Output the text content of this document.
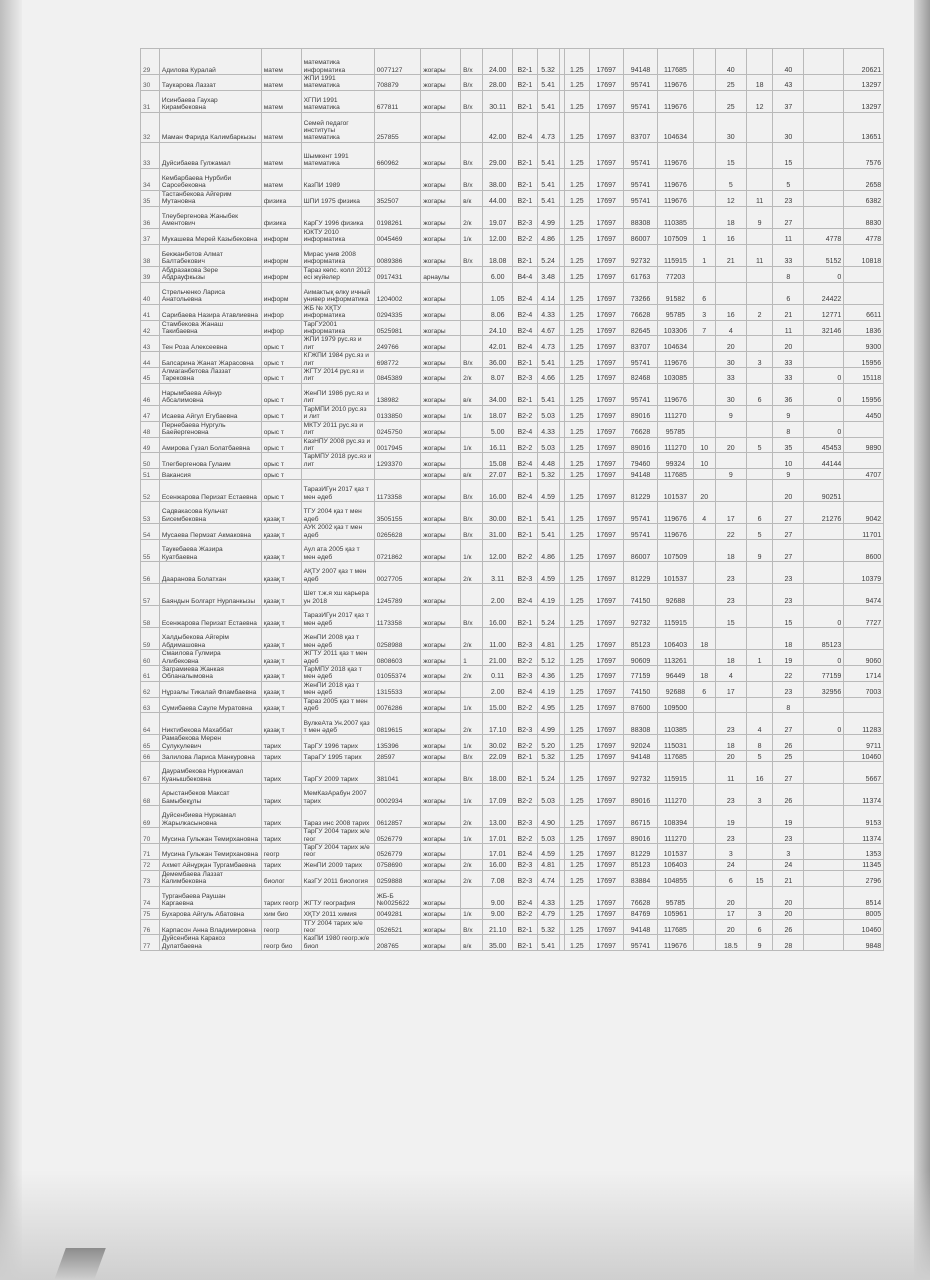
29	Адилова Куралай	матем	математика информатика	0077127	жогары	B/x	24.00	B2-1	5.32		1.25	17697	94148	117685		40		40		20621
30	Таукарова Лаззат	матем	ЖПИ 1991 математика	708879	жогары	B/x	28.00	B2-1	5.41		1.25	17697	95741	119676		25	18	43		13297
31	Исинбаева Гаухар Кирамбековна	матем	ХГПИ 1991 математика	677811	жогары	B/x	30.11	B2-1	5.41		1.25	17697	95741	119676		25	12	37		13297
32	Маман Фарида Калимбаркызы	матем	Семей педагог институты математика	257855	жогары		42.00	B2-4	4.73		1.25	17697	83707	104634		30		30		13651
33	Дуйсибаева Гулжамал	матем	Шымкент 1991 математика	660962	жогары	B/x	29.00	B2-1	5.41		1.25	17697	95741	119676		15		15		7576
34	Кембарбаева Нурбиби Сарсебековна	матем	КазПИ 1989		жогары	B/x	38.00	B2-1	5.41		1.25	17697	95741	119676		5		5		2658
35	Тастанбекова Айгерим Мутановна	физика	ШПИ 1975 физика	352507	жогары	в/к	44.00	B2-1	5.41		1.25	17697	95741	119676		12	11	23		6382
36	Тлеубергенова Жаныбек Аментович	физика	КарГУ 1996 физика	0198261	жогары	2/к	19.07	B2-3	4.99		1.25	17697	88308	110385		18	9	27		8830
37	Мукашева Мерей Казыбековна	информ	ЮКТУ 2010 информатика	0045469	жогары	1/к	12.00	B2-2	4.86		1.25	17697	86007	107509	1	16		11	4778	4778
38	Бекжанбетов Алмат Балтабекович	информ	Мирас унив 2008 информатика	0089386	жогары	B/x	18.08	B2-1	5.24		1.25	17697	92732	115915	1	21	11	33	5152	10818
39	Абдразакова Зере Абдрауфкызы	информ	Тараз көпс. колл 2012 есі жүйелер	0917431	арнаулы		6.00	B4-4	3.48		1.25	17697	61763	77203				8	0	
40	Стрельченко Лариса Анатольевна	информ	Аимактық өлку ичный универ информатика	1204002	жогары		1.05	B2-4	4.14		1.25	17697	73266	91582	6			6	24422	
41	Сарибаева Назира Атавлиевна	инфор	ЖБ № ХҚТУ информатика	0294335	жогары		8.06	B2-4	4.33		1.25	17697	76628	95785	3	16	2	21	12771	6611
42	Стамбекова Жанаш Такибаевна	инфор	ТарГУ2001 информатика	0525981	жогары		24.10	B2-4	4.67		1.25	17697	82645	103306	7	4		11	32146	1836
43	Тен Роза Алексеевна	орыс т	ЖПИ 1979 рус.яз и лит	249766	жогары		42.01	B2-4	4.73		1.25	17697	83707	104634		20		20		9300
44	Бапсарина Жанат Жарасовна	орыс т	КГЖПИ 1984 рус.яз и лит	698772	жогары	B/x	36.00	B2-1	5.41		1.25	17697	95741	119676		30	3	33		15956
45	Алмаганбетова Лаззат Тарековна	орыс т	ЖГТУ 2014 рус.яз и лит	0845389	жогары	2/к	8.07	B2-3	4.66		1.25	17697	82468	103085		33		33	0	15118
46	Нарымбаева Айнур Абсалимовна	орыс т	ЖенПИ 1986 рус.яз и лит	138982	жогары	в/к	34.00	B2-1	5.41		1.25	17697	95741	119676		30	6	36	0	15956
47	Исаева Айгул Егубаевна	орыс т	ТарМПИ 2010 рус.яз и лит	0133850	жогары	1/к	18.07	B2-2	5.03		1.25	17697	89016	111270		9		9		4450
48	Пернебаева Нургуль Баейергеновна	орыс т	МКТУ 2011 рус.яз и лит	0245750	жогары		5.00	B2-4	4.33		1.25	17697	76628	95785				8	0	
49	Амирова Гүзал Болатбаевна	орыс т	КазНПУ 2008 рус.яз и лит	0017945	жогары	1/к	16.11	B2-2	5.03		1.25	17697	89016	111270	10	20	5	35	45453	9890
50	Тлегбергенова Гулаим	орыс т	ТарМПУ 2018 рус.яз и лит	1293370	жогары		15.08	B2-4	4.48		1.25	17697	79460	99324	10			10	44144	
51	Вакансия	орыс т			жогары	в/к	27.07	B2-1	5.32		1.25	17697	94148	117685		9		9		4707
52	Есенжарова Перизат Естаевна	орыс т	ТаразИГун 2017 қаз т мен әдеб	1173358	жогары	B/x	16.00	B2-4	4.59		1.25	17697	81229	101537	20			20	90251	
53	Садвакасова Кульчат Бисембековна	қазақ т	ТГУ 2004 қаз т мен әдеб	3505155	жогары	B/x	30.00	B2-1	5.41		1.25	17697	95741	119676	4	17	6	27	21276	9042
54	Мусаева Пермзат Акмаковна	қазақ т	АУК 2002 қаз т мен әдеб	0265628	жогары	B/x	31.00	B2-1	5.41		1.25	17697	95741	119676		22	5	27		11701
55	Таукебаева Жазира Куатбаевна	қазақ т	Аул ата 2005 қаз т мен әдеб	0721862	жогары	1/к	12.00	B2-2	4.86		1.25	17697	86007	107509		18	9	27		8600
56	Дааранова Болатхан	қазақ т	АҚТУ 2007 қаз т мен әдеб	0027705	жогары	2/к	3.11	B2-3	4.59		1.25	17697	81229	101537		23		23		10379
57	Баяндын Болгарт Нурланкызы	қазақ т	Шет т.ж.я хш карьера ун 2018	1245789	жогары		2.00	B2-4	4.19		1.25	17697	74150	92688		23		23		9474
58	Есенжарова Перизат Естаевна	қазақ т	ТаразИГун 2017 қаз т мен әдеб	1173358	жогары	B/x	16.00	B2-1	5.24		1.25	17697	92732	115915		15		15	0	7727
59	Халдыбекова Айгерім Абдимашовна	қазақ т	ЖенПИ 2008 қаз т мен әдеб	0258988	жогары	2/к	11.00	B2-3	4.81		1.25	17697	85123	106403	18			18	85123	
60	Смаилова Гулмира Алибековна	қазақ т	ЖГТУ 2011 қаз т мен әдеб	0808603	жогары	1	21.00	B2-2	5.12		1.25	17697	90609	113261		18	1	19	0	9060
61	Заграмиева Жанкая Обланалымовна	қазақ т	ТарМПУ 2018 қаз т мен әдеб	01055374	жогары	2/к	0.11	B2-3	4.36		1.25	17697	77159	96449	18	4		22	77159	1714
62	Нұрзалы Тикалай Фламбаевна	қазақ т	ЖенПИ 2018 қаз т мен әдеб	1315533	жогары		2.00	B2-4	4.19		1.25	17697	74150	92688	6	17		23	32956	7003
63	Сумибаева Сауле Муратовна	қазақ т	Тараз 2005 қаз т мен әдеб	0076286	жогары	1/к	15.00	B2-2	4.95		1.25	17697	87600	109500				8		
64	Никтибекова Махаббат	қазақ т	ВулкеАта Ун.2007 қаз т мен әдеб	0819615	жогары	2/к	17.10	B2-3	4.99		1.25	17697	88308	110385		23	4	27	0	11283
65	Рамабекова Мерен Сулукулевич	тарих	ТарГУ 1996 тарих	135396	жогары	1/к	30.02	B2-2	5.20		1.25	17697	92024	115031		18	8	26		9711
66	Залилова Лариса Манкуровна	тарих	ТараГУ 1995 тарих	28597	жогары	B/x	22.09	B2-1	5.32		1.25	17697	94148	117685		20	5	25		10460
67	Даурамбекова Нурижамал Куанышбековна	тарих	ТарГУ 2009 тарих	381041	жогары	B/x	18.00	B2-1	5.24		1.25	17697	92732	115915		11	16	27		5667
68	Арыстанбеков Максат Бамыбекұлы	тарих	МемКазАрабун 2007 тарих	0002934	жогары	1/к	17.09	B2-2	5.03		1.25	17697	89016	111270		23	3	26		11374
69	Дуйсенбиева Нуржамал Жарылкасыновна	тарих	Тараз инс 2008 тарих	0612857	жогары	2/к	13.00	B2-3	4.90		1.25	17697	86715	108394		19		19		9153
70	Мусина Гульжан Темирхановна	тарих	ТарГУ 2004 тарих ж/е геог	0526779	жогары	1/к	17.01	B2-2	5.03		1.25	17697	89016	111270		23		23		11374
71	Мусина Гульжан Темирхановна	геогр	ТарГУ 2004 тарих ж/е геог	0526779	жогары		17.01	B2-4	4.59		1.25	17697	81229	101537		3		3		1353
72	Ахмет Айнұрқан Тургамбаевна	тарих	ЖенПИ 2009 тарих	0758690	жогары	2/к	16.00	B2-3	4.81		1.25	17697	85123	106403		24		24		11345
73	Демембаева Лаззат Калимбековна	биолог	КазГУ 2011 биология	0259888	жогары	2/к	7.08	B2-3	4.74		1.25	17697	83884	104855		6	15	21		2796
74	Турганбаева Раушан Каргаевна	тарих геогр	ЖГТУ география	ЖБ-Б №0025622	жогары		9.00	B2-4	4.33		1.25	17697	76628	95785		20		20		8514
75	Бухарова Айгуль Абатовна	хим био	ХҚТУ 2011 химия	0049281	жогары	1/к	9.00	B2-2	4.79		1.25	17697	84769	105961		17	3	20		8005
76	Карпасон Анна Владимировна	геогр	ТГУ 2004 тарих ж/е геог	0526521	жогары	B/x	21.10	B2-1	5.32		1.25	17697	94148	117685		20	6	26		10460
77	Дуйсенбина Каракоз Дулатбаевна	геогр био	КазПИ 1980 геогр.ж/е биол	208765	жогары	в/к	35.00	B2-1	5.41		1.25	17697	95741	119676		18.5	9	28		9848
